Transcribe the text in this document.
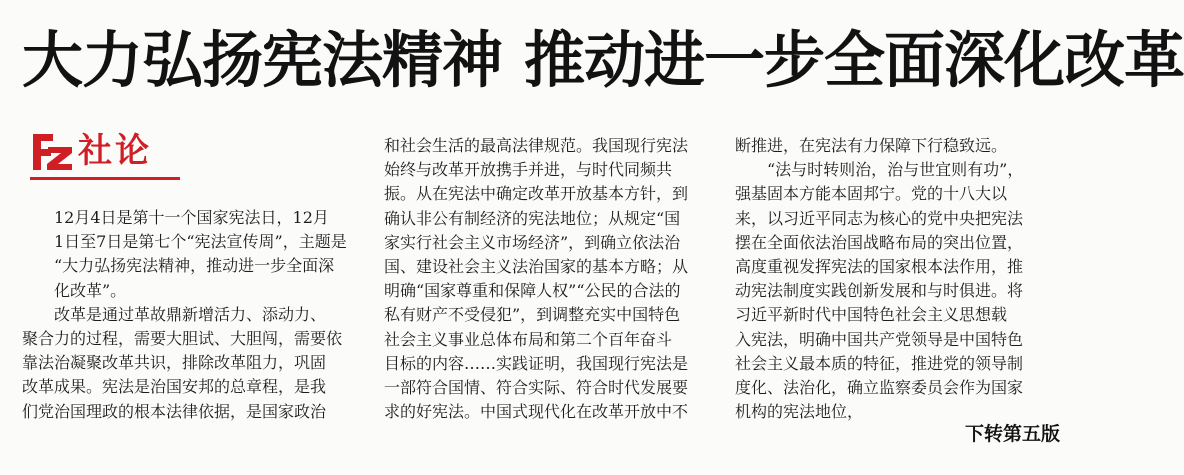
大力弘扬宪法精神 推动进一步全面深化改革
社论

12月4日是第十一个国家宪法日，12月
1日至7日是第七个“宪法宣传周”，主题是
“大力弘扬宪法精神，推动进一步全面深
化改革”。

改革是通过革故鼎新增活力、添动力、
聚合力的过程，需要大胆试、大胆闯，需要依
靠法治凝聚改革共识，排除改革阻力，巩固
改革成果。宪法是治国安邦的总章程，是我
们党治国理政的根本法律依据，是国家政治

和社会生活的最高法律规范。我国现行宪法
始终与改革开放携手并进，与时代同频共
振。从在宪法中确定改革开放基本方针，到
确认非公有制经济的宪法地位；从规定“国
家实行社会主义市场经济”，到确立依法治
国、建设社会主义法治国家的基本方略；从
明确“国家尊重和保障人权”“公民的合法的
私有财产不受侵犯”，到调整充实中国特色
社会主义事业总体布局和第二个百年奋斗
目标的内容……实践证明，我国现行宪法是
一部符合国情、符合实际、符合时代发展要
求的好宪法。中国式现代化在改革开放中不
断推进，在宪法有力保障下行稳致远。
“法与时转则治，治与世宜则有功”，
强基固本方能本固邦宁。党的十八大以
来，以习近平同志为核心的党中央把宪法
摆在全面依法治国战略布局的突出位置，
高度重视发挥宪法的国家根本法作用，推
动宪法制度实践创新发展和与时俱进。将
习近平新时代中国特色社会主义思想载
入宪法，明确中国共产党领导是中国特色
社会主义最本质的特征，推进党的领导制
度化、法治化，确立监察委员会作为国家
机构的宪法地位，
下转第五版
